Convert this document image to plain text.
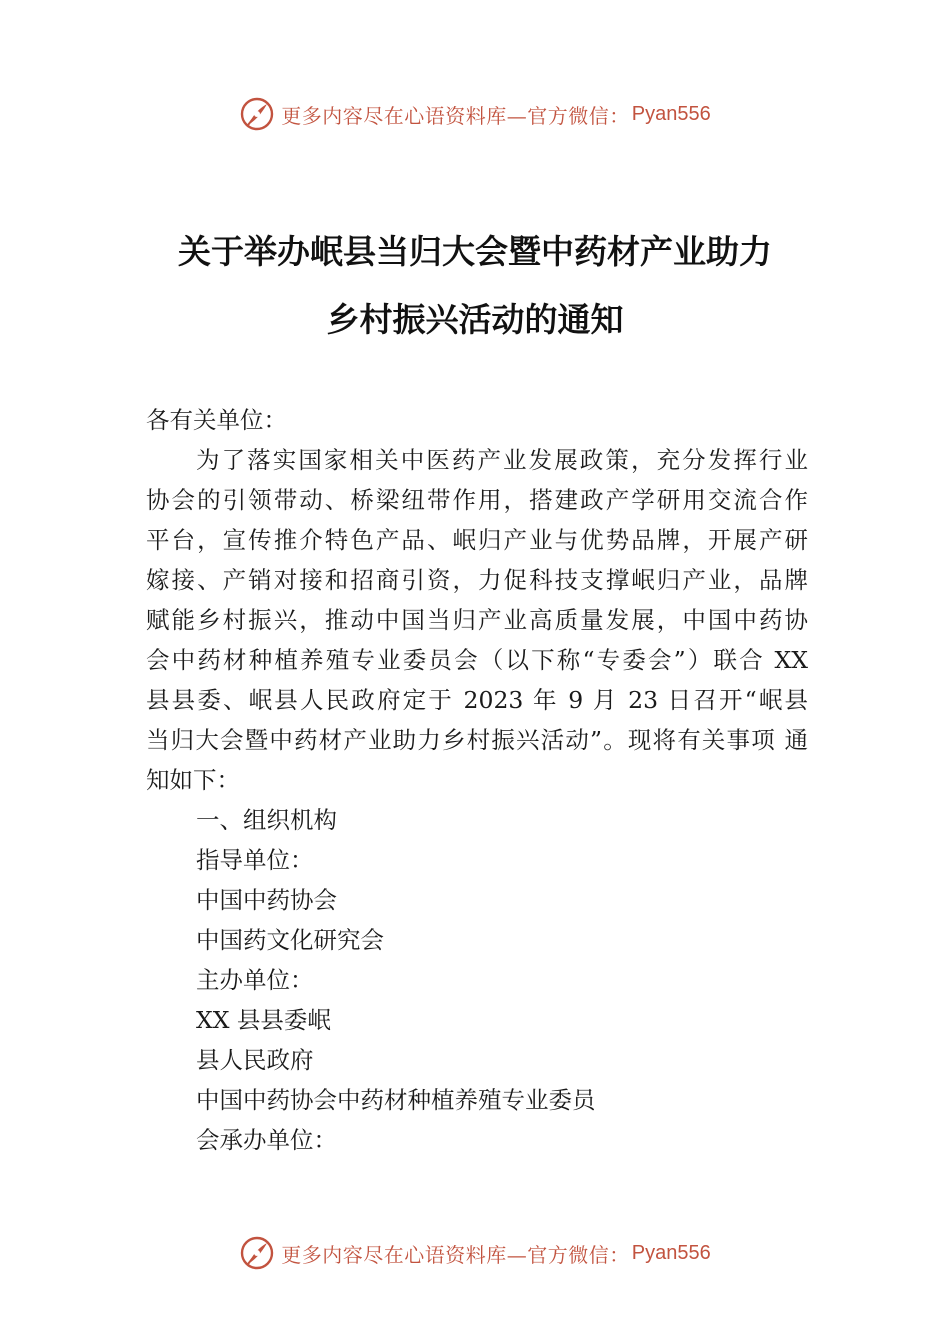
更多内容尽在心语资料库—官方微信： Pyan556
关于举办岷县当归大会暨中药材产业助力
乡村振兴活动的通知
各有关单位：
为了落实国家相关中医药产业发展政策，充分发挥行业
协会的引领带动、桥梁纽带作用，搭建政产学研用交流合作
平台，宣传推介特色产品、岷归产业与优势品牌，开展产研
嫁接、产销对接和招商引资，力促科技支撑岷归产业，品牌
赋能乡村振兴，推动中国当归产业高质量发展，中国中药协
会中药材种植养殖专业委员会（以下称“专委会”）联合 XX
县县委、岷县人民政府定于 2023 年 9 月 23 日召开“岷县
当归大会暨中药材产业助力乡村振兴活动”。现将有关事项 通
知如下：
一、组织机构
指导单位：
中国中药协会
中国药文化研究会
主办单位：
XX 县县委岷
县人民政府
中国中药协会中药材种植养殖专业委员
会承办单位：
更多内容尽在心语资料库—官方微信： Pyan556
